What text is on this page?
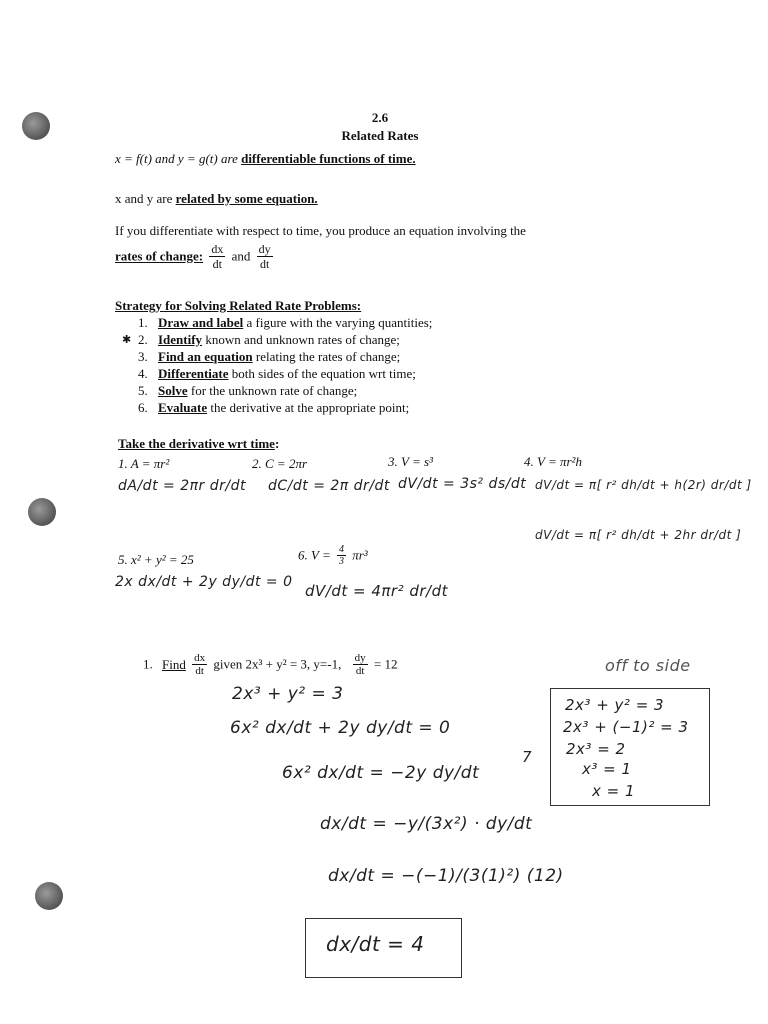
2.6
Related Rates
x = f(t) and y = g(t) are differentiable functions of time.
x and y are related by some equation.
If you differentiate with respect to time, you produce an equation involving the
rates of change: $\frac{dx}{dt}$ and $\frac{dy}{dt}$
Strategy for Solving Related Rate Problems:
✱
1. Draw and label a figure with the varying quantities;
2. Identify known and unknown rates of change;
3. Find an equation relating the rates of change;
4. Differentiate both sides of the equation wrt time;
5. Solve for the unknown rate of change;
6. Evaluate the derivative at the appropriate point;
Take the derivative wrt time:
1. A = πr²
dA/dt = 2πr dr/dt
2. C = 2πr
dC/dt = 2π dr/dt
3. V = s³
dV/dt = 3s² ds/dt
4. V = πr²h
dV/dt = π[ r² dh/dt + h(2r) dr/dt ]
dV/dt = π[ r² dh/dt + 2hr dr/dt ]
5. x² + y² = 25
2x dx/dt + 2y dy/dt = 0
6. $V = \frac{4}{3} \pi r^3$
dV/dt = 4πr² dr/dt
1. Find $\frac{dx}{dt}$ given 2x³ + y² = 3, y=-1, $\frac{dy}{dt} = 12$	off to side
2x³ + y² = 3
6x² dx/dt + 2y dy/dt = 0
6x² dx/dt = −2y dy/dt
dx/dt = −y/(3x²) · dy/dt
dx/dt = −(−1)/(3(1)²) (12)
dx/dt = 4
7
2x³ + y² = 3
2x³ + (−1)² = 3
2x³ = 2
x³ = 1
x = 1
